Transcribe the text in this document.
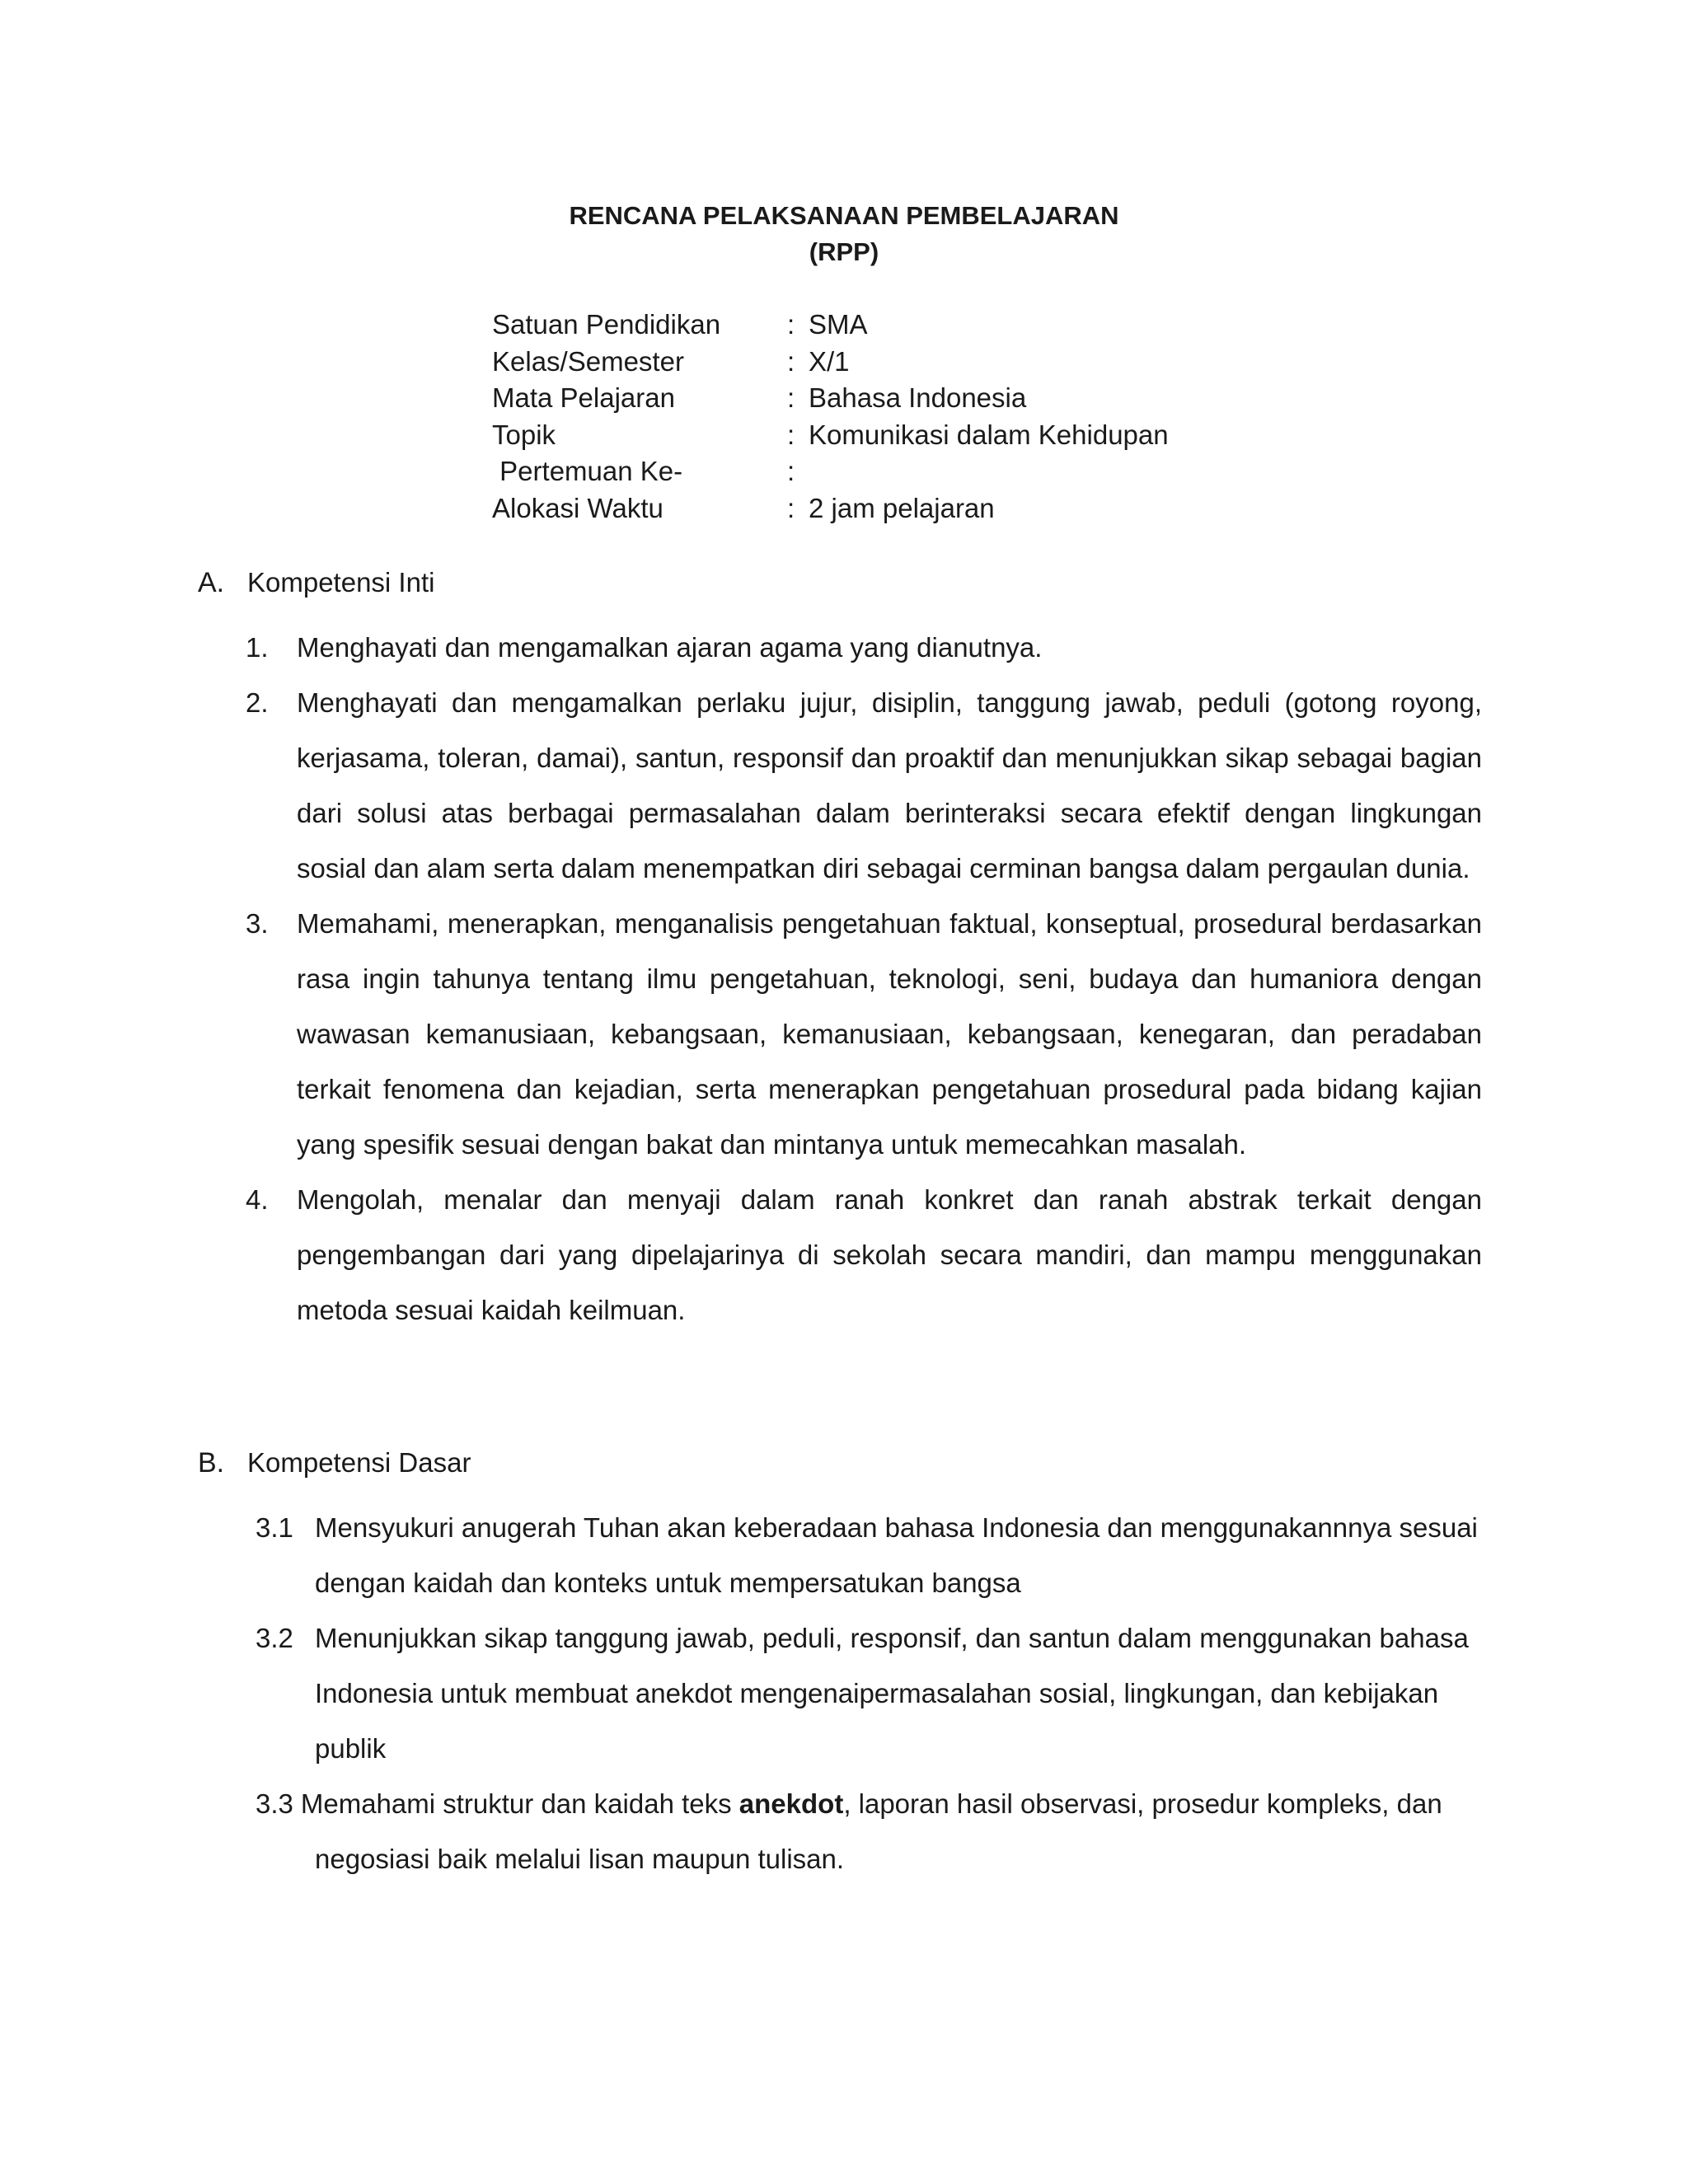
RENCANA PELAKSANAAN PEMBELAJARAN
(RPP)
Satuan Pendidikan	: SMA
Kelas/Semester	: X/1
Mata Pelajaran	: Bahasa Indonesia
Topik	: Komunikasi dalam Kehidupan
Pertemuan Ke-	:
Alokasi Waktu	: 2 jam pelajaran
A. Kompetensi Inti
1.	Menghayati dan mengamalkan ajaran agama yang dianutnya.
2.	Menghayati dan mengamalkan perlaku jujur, disiplin, tanggung jawab, peduli (gotong royong, kerjasama, toleran, damai), santun, responsif dan proaktif dan menunjukkan sikap sebagai bagian dari solusi atas berbagai permasalahan dalam berinteraksi secara efektif dengan lingkungan sosial dan alam serta dalam menempatkan diri sebagai cerminan bangsa dalam pergaulan dunia.
3.	Memahami, menerapkan, menganalisis pengetahuan faktual, konseptual, prosedural berdasarkan rasa ingin tahunya tentang ilmu pengetahuan, teknologi, seni, budaya dan humaniora dengan wawasan kemanusiaan, kebangsaan, kemanusiaan, kebangsaan, kenegaran, dan peradaban terkait fenomena dan kejadian, serta menerapkan pengetahuan prosedural pada bidang kajian yang spesifik sesuai dengan bakat dan mintanya untuk memecahkan masalah.
4.	Mengolah, menalar dan menyaji dalam ranah konkret dan ranah abstrak terkait dengan pengembangan dari yang dipelajarinya di sekolah secara mandiri, dan mampu menggunakan metoda sesuai kaidah keilmuan.
B. Kompetensi Dasar
3.1 Mensyukuri anugerah Tuhan akan keberadaan bahasa Indonesia dan menggunakannnya sesuai
dengan kaidah dan konteks untuk mempersatukan bangsa
3.2 Menunjukkan sikap tanggung jawab, peduli, responsif, dan santun dalam menggunakan bahasa
Indonesia untuk membuat anekdot mengenaipermasalahan sosial, lingkungan, dan kebijakan
publik
3.3 Memahami struktur dan kaidah teks anekdot, laporan hasil observasi, prosedur kompleks, dan
negosiasi baik melalui lisan maupun tulisan.
